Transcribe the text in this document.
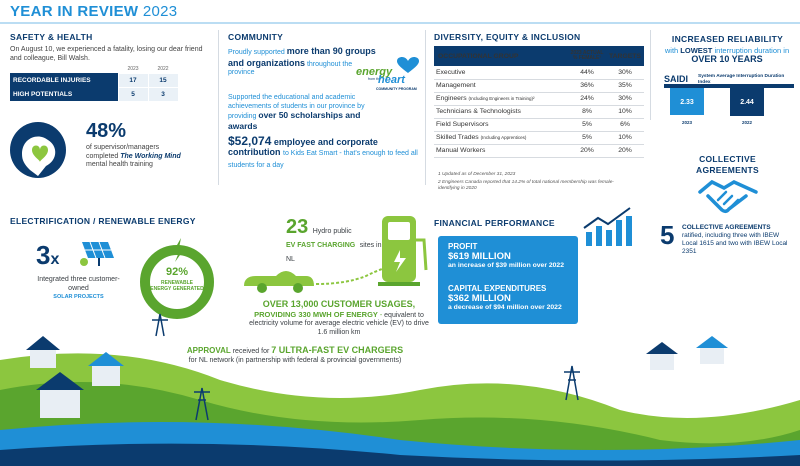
YEAR IN REVIEW 2023
SAFETY & HEALTH
On August 10, we experienced a fatality, losing our dear friend and colleague, Bill Walsh.
	2023	2022
RECORDABLE INJURIES	17	15
HIGH POTENTIALS	5	3
48%
of supervisor/managers
completed The Working Mind
mental health training
COMMUNITY
Proudly supported more than 90 groups and organizations throughout the province
Supported the educational and academic achievements of students in our province by providing over 50 scholarships and awards
$52,074 employee and corporate contribution to Kids Eat Smart - that's enough to feed all students for a day
energy
from the
heart
COMMUNITY PROGRAM
DIVERSITY, EQUITY & INCLUSION
OCCUPATIONAL GROUP	2023 ACTUAL % FEMALE¹	TARGETS
Executive	44%	30%
Management	36%	35%
Engineers (Including Engineers in Training)²	24%	30%
Technicians & Technologists	8%	10%
Field Supervisors	5%	6%
Skilled Trades (Including Apprentices)	5%	10%
Manual Workers	20%	20%
1 Updated as of December 31, 2023
2 Engineers Canada reported that 14.2% of total national membership was female-identifying in 2020
INCREASED RELIABILITY
with LOWEST interruption duration in OVER 10 YEARS
SAIDI System Average Interruption Duration Index
2.33	2.44
2023	2022
COLLECTIVE
AGREEMENTS
5 COLLECTIVE AGREEMENTS
ratified, including three with IBEW Local 1615 and two with IBEW Local 2351
ELECTRIFICATION / RENEWABLE ENERGY
3x
Integrated three customer-owned
SOLAR PROJECTS
92%
RENEWABLE ENERGY GENERATED
23 Hydro public
EV FAST CHARGING sites in NL
OVER 13,000 CUSTOMER USAGES,
PROVIDING 330 MWH OF ENERGY - equivalent to electricity volume for average electric vehicle (EV) to drive 1.6 million km
APPROVAL received for 7 ULTRA-FAST EV CHARGERS
for NL network (in partnership with federal & provincial governments)
FINANCIAL PERFORMANCE
PROFIT
$619 MILLION
an increase of $39 million over 2022
CAPITAL EXPENDITURES
$362 MILLION
a decrease of $94 million over 2022
